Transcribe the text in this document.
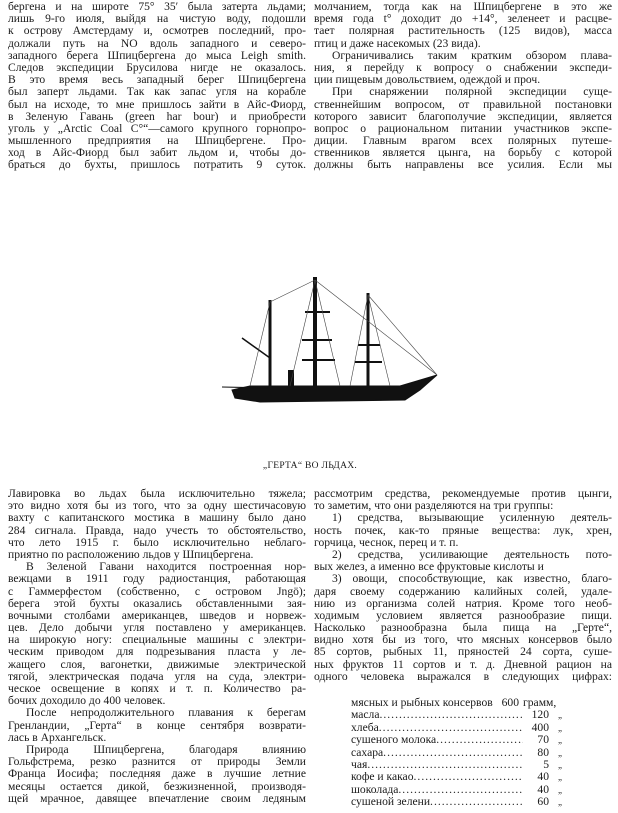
бергена и на широте 75° 35′ была затерта льдами;
лишь 9-го июля, выйдя на чистую воду, подошли
к острову Амстердаму и, осмотрев последний, про-
должали путь на NO вдоль западного и северо-
западного берега Шпицбергена до мыса Leigh smith.
Следов экспедиции Брусилова нигде не оказалось.
В это время весь западный берег Шпицбергена
был заперт льдами. Так как запас угля на корабле
был на исходе, то мне пришлось зайти в Айс-Фиорд,
в Зеленую Гавань (green har bour) и приобрести
уголь у „Arctic Coal C°“—самого крупного горнопро-
мышленного предприятия на Шпицбергене. Про-
ход в Айс-Фиорд был забит льдом и, чтобы до-
браться до бухты, пришлось потратить 9 суток.
молчанием, тогда как на Шпицбергене в это же
время года t° доходит до +14°, зеленеет и расцве-
тает полярная растительность (125 видов), масса
птиц и даже насекомых (23 вида).
Ограничивались таким кратким обзором плава-
ния, я перейду к вопросу о снабжении экспеди-
ции пищевым довольствием, одеждой и проч.
При снаряжении полярной экспедиции суще-
ственнейшим вопросом, от правильной постановки
которого зависит благополучие экспедиции, является
вопрос о рациональном питании участников экспе-
диции. Главным врагом всех полярных путеше-
ственников является цынга, на борьбу с которой
должны быть направлены все усилия. Если мы
„ГЕРТА“ ВО ЛЬДАХ.
Лавировка во льдах была исключительно тяжела;
это видно хотя бы из того, что за одну шестичасовую
вахту с капитанского мостика в машину было дано
284 сигнала. Правда, надо учесть то обстоятельство,
что лето 1915 г. было исключительно неблаго-
приятно по расположению льдов у Шпицбергена.
В Зеленой Гавани находится построенная нор-
вежцами в 1911 году радиостанция, работающая
с Гаммерфестом (собственно, с островом Jngö);
берега этой бухты оказались обставленными зая-
вочными столбами американцев, шведов и норвеж-
цев. Дело добычи угля поставлено у американцев.
на широкую ногу: специальные машины с электри-
ческим приводом для подрезывания пласта у ле-
жащего слоя, вагонетки, движимые электрической
тягой, электрическая подача угля на суда, электри-
ческое освещение в копях и т. п. Количество ра-
бочих доходило до 400 человек.
После непродолжительного плавания к берегам
Гренландии, „Герта“ в конце сентября возврати-
лась в Архангельск.
Природа Шпицбергена, благодаря влиянию
Гольфстрема, резко разнится от природы Земли
Франца Иосифа; последняя даже в лучшие летние
месяцы остается дикой, безжизненной, производя-
щей мрачное, давящее впечатление своим ледяным
рассмотрим средства, рекомендуемые против цынги,
то заметим, что они разделяются на три группы:
1) средства, вызывающие усиленную деятель-
ность почек, как-то пряные вещества: лук, хрен,
горчица, чеснок, перец и т. п.
2) средства, усиливающие деятельность пото-
вых желез, а именно все фруктовые кислоты и
3) овощи, способствующие, как известно, благо-
даря своему содержанию калийных солей, удале-
нию из организма солей натрия. Кроме того необ-
ходимым условием является разнообразие пищи.
Насколько разнообразна была пища на „Герте“,
видно хотя бы из того, что мясных консервов было
85 сортов, рыбных 11, пряностей 24 сорта, суше-
ных фруктов 11 сортов и т. д. Дневной рацион на
одного человека выражался в следующих цифрах:
мясных и рыбных консервов 600 грамм,
масла .....	120	„
хлеба .....	400	„
сушеного молока .....	70	„
сахара .....	80	„
чая .....	5	„
кофе и какао .....	40	„
шоколада .....	40	„
сушеной зелени .....	60	„
